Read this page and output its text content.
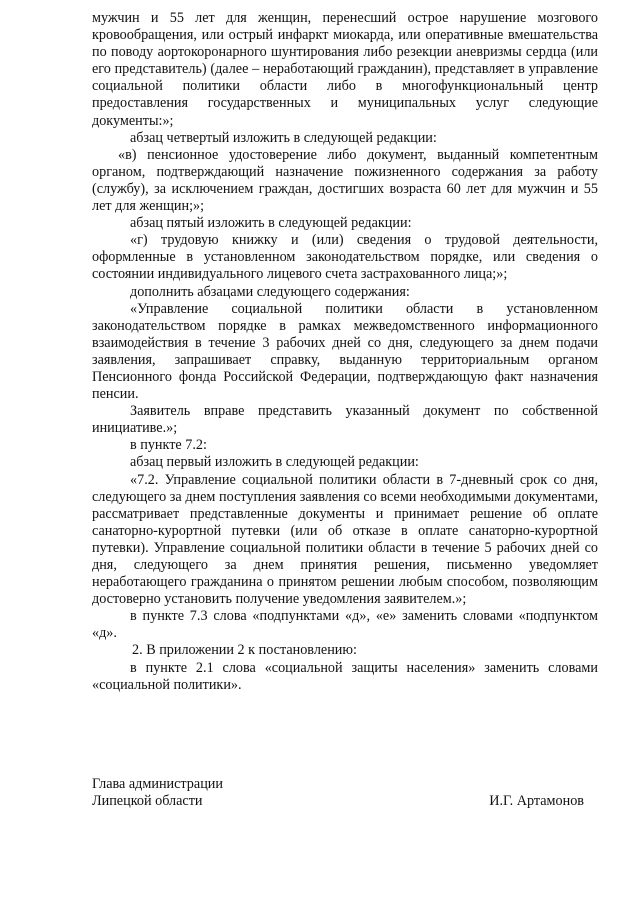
мужчин и 55 лет для женщин, перенесший острое нарушение мозгового кровообращения, или острый инфаркт миокарда, или оперативные вмешательства по поводу аортокоронарного шунтирования либо резекции аневризмы сердца (или его представитель) (далее – неработающий гражданин), представляет в управление социальной политики области либо в многофункциональный центр предоставления государственных и муниципальных услуг следующие документы:»;

абзац четвертый изложить в следующей редакции:

«в) пенсионное удостоверение либо документ, выданный компетентным органом, подтверждающий назначение пожизненного содержания за работу (службу), за исключением граждан, достигших возраста 60 лет для мужчин и 55 лет для женщин;»;

абзац пятый изложить в следующей редакции:

«г) трудовую книжку и (или) сведения о трудовой деятельности, оформленные в установленном законодательством порядке, или сведения о состоянии индивидуального лицевого счета застрахованного лица;»;

дополнить абзацами следующего содержания:

«Управление социальной политики области в установленном законодательством порядке в рамках межведомственного информационного взаимодействия в течение 3 рабочих дней со дня, следующего за днем подачи заявления, запрашивает справку, выданную территориальным органом Пенсионного фонда Российской Федерации, подтверждающую факт назначения пенсии.

Заявитель вправе представить указанный документ по собственной инициативе.»;

в пункте 7.2:

абзац первый изложить в следующей редакции:

«7.2. Управление социальной политики области в 7-дневный срок со дня, следующего за днем поступления заявления со всеми необходимыми документами, рассматривает представленные документы и принимает решение об оплате санаторно-курортной путевки (или об отказе в оплате санаторно-курортной путевки). Управление социальной политики области в течение 5 рабочих дней со дня, следующего за днем принятия решения, письменно уведомляет неработающего гражданина о принятом решении любым способом, позволяющим достоверно установить получение уведомления заявителем.»;

в пункте 7.3 слова «подпунктами «д», «е» заменить словами «подпунктом «д».

2. В приложении 2 к постановлению:

в пункте 2.1 слова «социальной защиты населения» заменить словами «социальной политики».

Глава администрации
Липецкой области	И.Г. Артамонов
